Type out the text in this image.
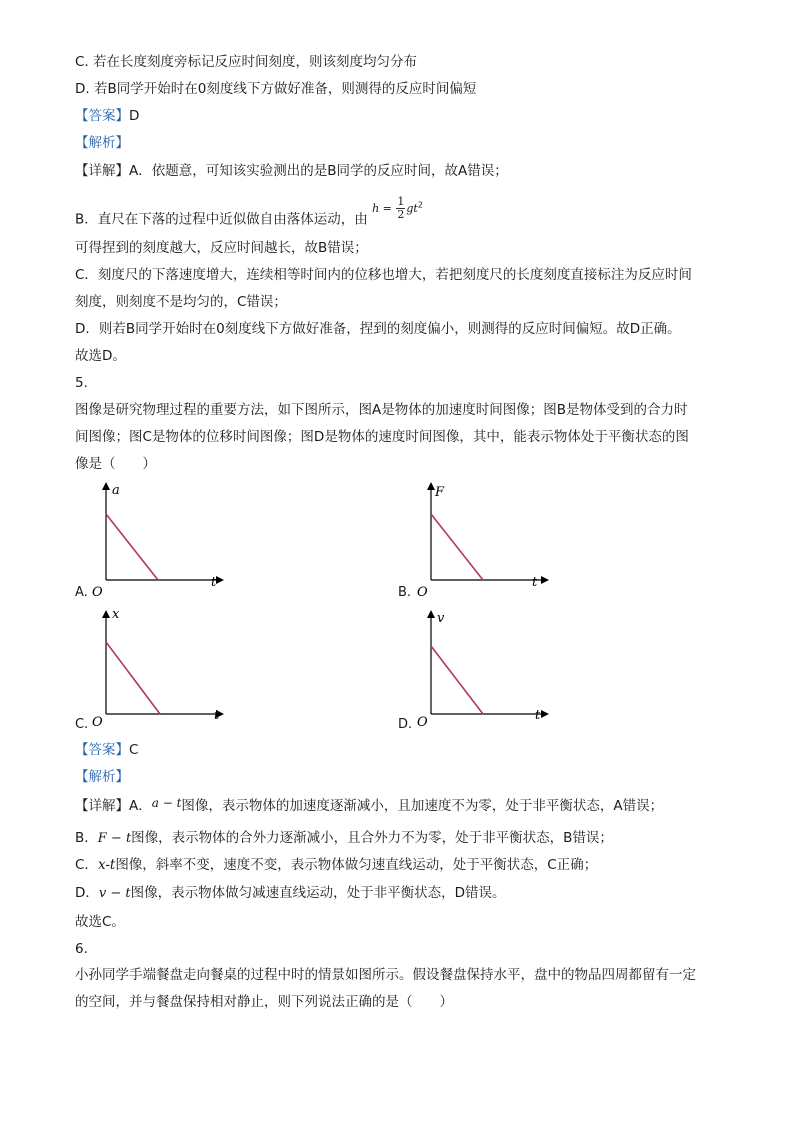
C. 若在长度刻度旁标记反应时间刻度，则该刻度均匀分布
D. 若B同学开始时在0刻度线下方做好准备，则测得的反应时间偏短
【答案】D
【解析】
【详解】A．依题意，可知该实验测出的是B同学的反应时间，故A错误；
B．直尺在下落的过程中近似做自由落体运动，由 $^{h = \frac{1}{2} gt^2}$
可得捏到的刻度越大，反应时间越长，故B错误；
C．刻度尺的下落速度增大，连续相等时间内的位移也增大，若把刻度尺的长度刻度直接标注为反应时间
刻度，则刻度不是均匀的，C错误；
D．则若B同学开始时在0刻度线下方做好准备，捏到的刻度偏小，则测得的反应时间偏短。故D正确。
故选D。
5.
图像是研究物理过程的重要方法，如下图所示，图A是物体的加速度时间图像；图B是物体受到的合力时
间图像；图C是物体的位移时间图像；图D是物体的速度时间图像，其中，能表示物体处于平衡状态的图
像是（　　）
a
t
O
A.
F
t
O
B.
x
t
O
C.
v
t
O
D.
【答案】C
【解析】
【详解】A．a − t图像，表示物体的加速度逐渐减小，且加速度不为零，处于非平衡状态，A错误；
B．F − t图像，表示物体的合外力逐渐减小，且合外力不为零，处于非平衡状态，B错误；
C．x-t图像，斜率不变，速度不变，表示物体做匀速直线运动，处于平衡状态，C正确；
D．v − t图像，表示物体做匀减速直线运动，处于非平衡状态，D错误。
故选C。
6.
小孙同学手端餐盘走向餐桌的过程中时的情景如图所示。假设餐盘保持水平，盘中的物品四周都留有一定
的空间，并与餐盘保持相对静止，则下列说法正确的是（　　）
